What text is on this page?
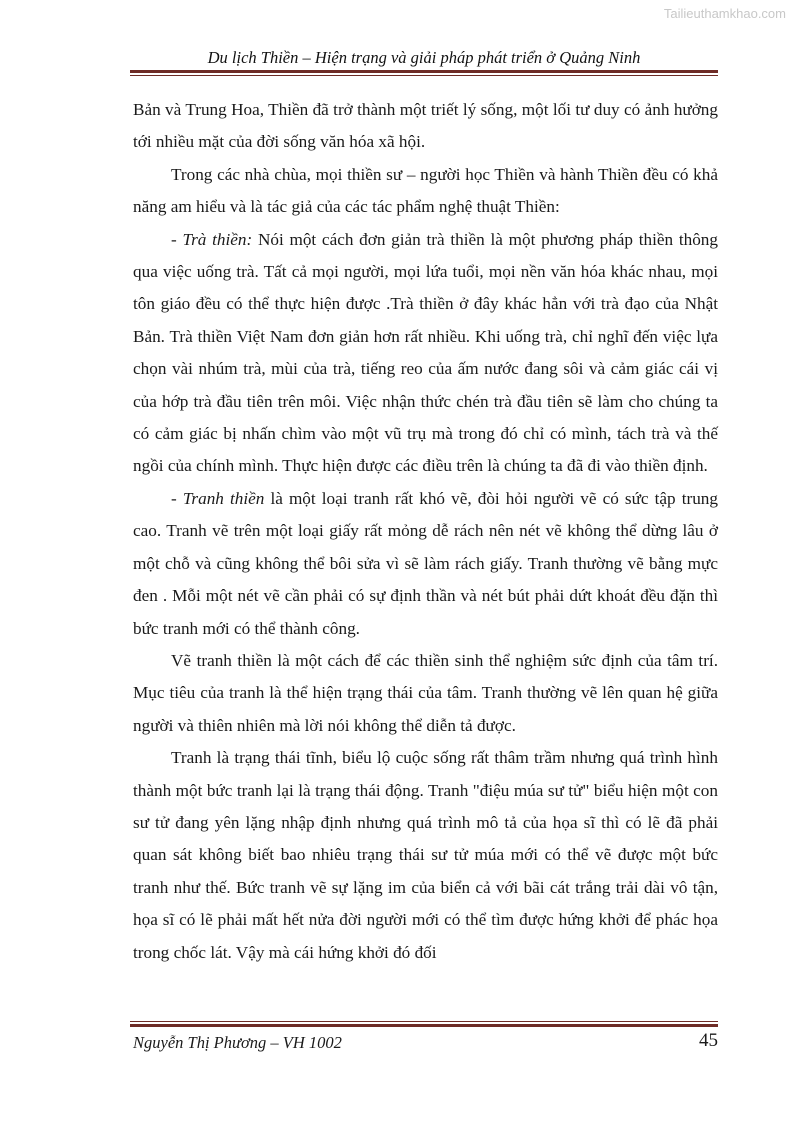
Tailieuthamkhao.com
Du lịch Thiền – Hiện trạng và giải pháp phát triển ở Quảng Ninh

Bản và Trung Hoa, Thiền đã trở thành một triết lý sống, một lối tư duy có ảnh hưởng tới nhiều mặt của đời sống văn hóa xã hội.

Trong các nhà chùa, mọi thiền sư – người học Thiền và hành Thiền đều có khả năng am hiểu và là tác giả của các tác phẩm nghệ thuật Thiền:

- Trà thiền: Nói một cách đơn giản trà thiền là một phương pháp thiền thông qua việc uống trà. Tất cả mọi người, mọi lứa tuổi, mọi nền văn hóa khác nhau, mọi tôn giáo đều có thể thực hiện được .Trà thiền ở đây khác hẳn với trà đạo của Nhật Bản. Trà thiền Việt Nam đơn giản hơn rất nhiều. Khi uống trà, chỉ nghĩ đến việc lựa chọn vài nhúm trà, mùi của trà, tiếng reo của ấm nước đang sôi và cảm giác cái vị của hớp trà đầu tiên trên môi. Việc nhận thức chén trà đầu tiên sẽ làm cho chúng ta có cảm giác bị nhấn chìm vào một vũ trụ mà trong đó chỉ có mình, tách trà và thế ngồi của chính mình. Thực hiện được các điều trên là chúng ta đã đi vào thiền định.

- Tranh thiền là một loại tranh rất khó vẽ, đòi hỏi người vẽ có sức tập trung cao. Tranh vẽ trên một loại giấy rất mỏng dễ rách nên nét vẽ không thể dừng lâu ở một chỗ và cũng không thể bôi sửa vì sẽ làm rách giấy. Tranh thường vẽ bằng mực đen . Mỗi một nét vẽ cần phải có sự định thần và nét bút phải dứt khoát đều đặn thì bức tranh mới có thể thành công.

Vẽ tranh thiền là một cách để các thiền sinh thể nghiệm sức định của tâm trí. Mục tiêu của tranh là thể hiện trạng thái của tâm. Tranh thường vẽ lên quan hệ giữa người và thiên nhiên mà lời nói không thể diễn tả được.

Tranh là trạng thái tĩnh, biểu lộ cuộc sống rất thâm trầm nhưng quá trình hình thành một bức tranh lại là trạng thái động. Tranh "điệu múa sư tử" biểu hiện một con sư tử đang yên lặng nhập định nhưng quá trình mô tả của họa sĩ thì có lẽ đã phải quan sát không biết bao nhiêu trạng thái sư tử múa mới có thể vẽ được một bức tranh như thế. Bức tranh vẽ sự lặng im của biển cả với bãi cát trắng trải dài vô tận, họa sĩ có lẽ phải mất hết nửa đời người mới có thể tìm được hứng khởi để phác họa trong chốc lát. Vậy mà cái hứng khởi đó đối

Nguyễn Thị Phương – VH 1002	45
